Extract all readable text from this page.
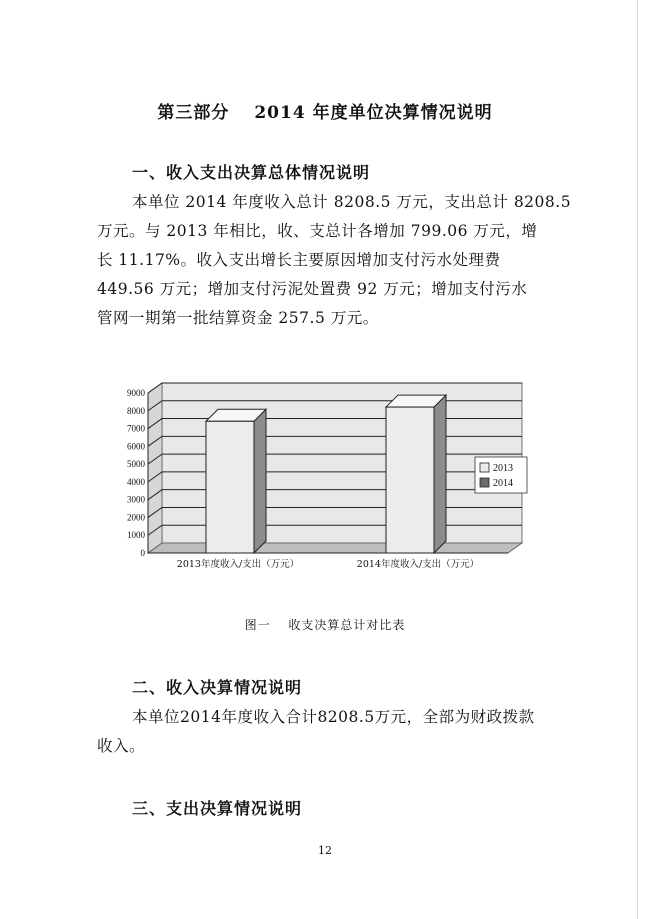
第三部分　 2014 年度单位决算情况说明
一、收入支出决算总体情况说明

本单位 2014 年度收入总计 8208.5 万元，支出总计 8208.5
万元。与 2013 年相比，收、支总计各增加 799.06 万元，增
长 11.17%。收入支出增长主要原因增加支付污水处理费
449.56 万元；增加支付污泥处置费 92 万元；增加支付污水
管网一期第一批结算资金 257.5 万元。

0
1000
2000
3000
4000
5000
6000
7000
8000
9000
2013年度收入/支出（万元）	2014年度收入/支出（万元）
2013
2014
图一　 收支决算总计对比表
二、收入决算情况说明

本单位2014年度收入合计8208.5万元，全部为财政拨款
收入。

三、支出决算情况说明
12
